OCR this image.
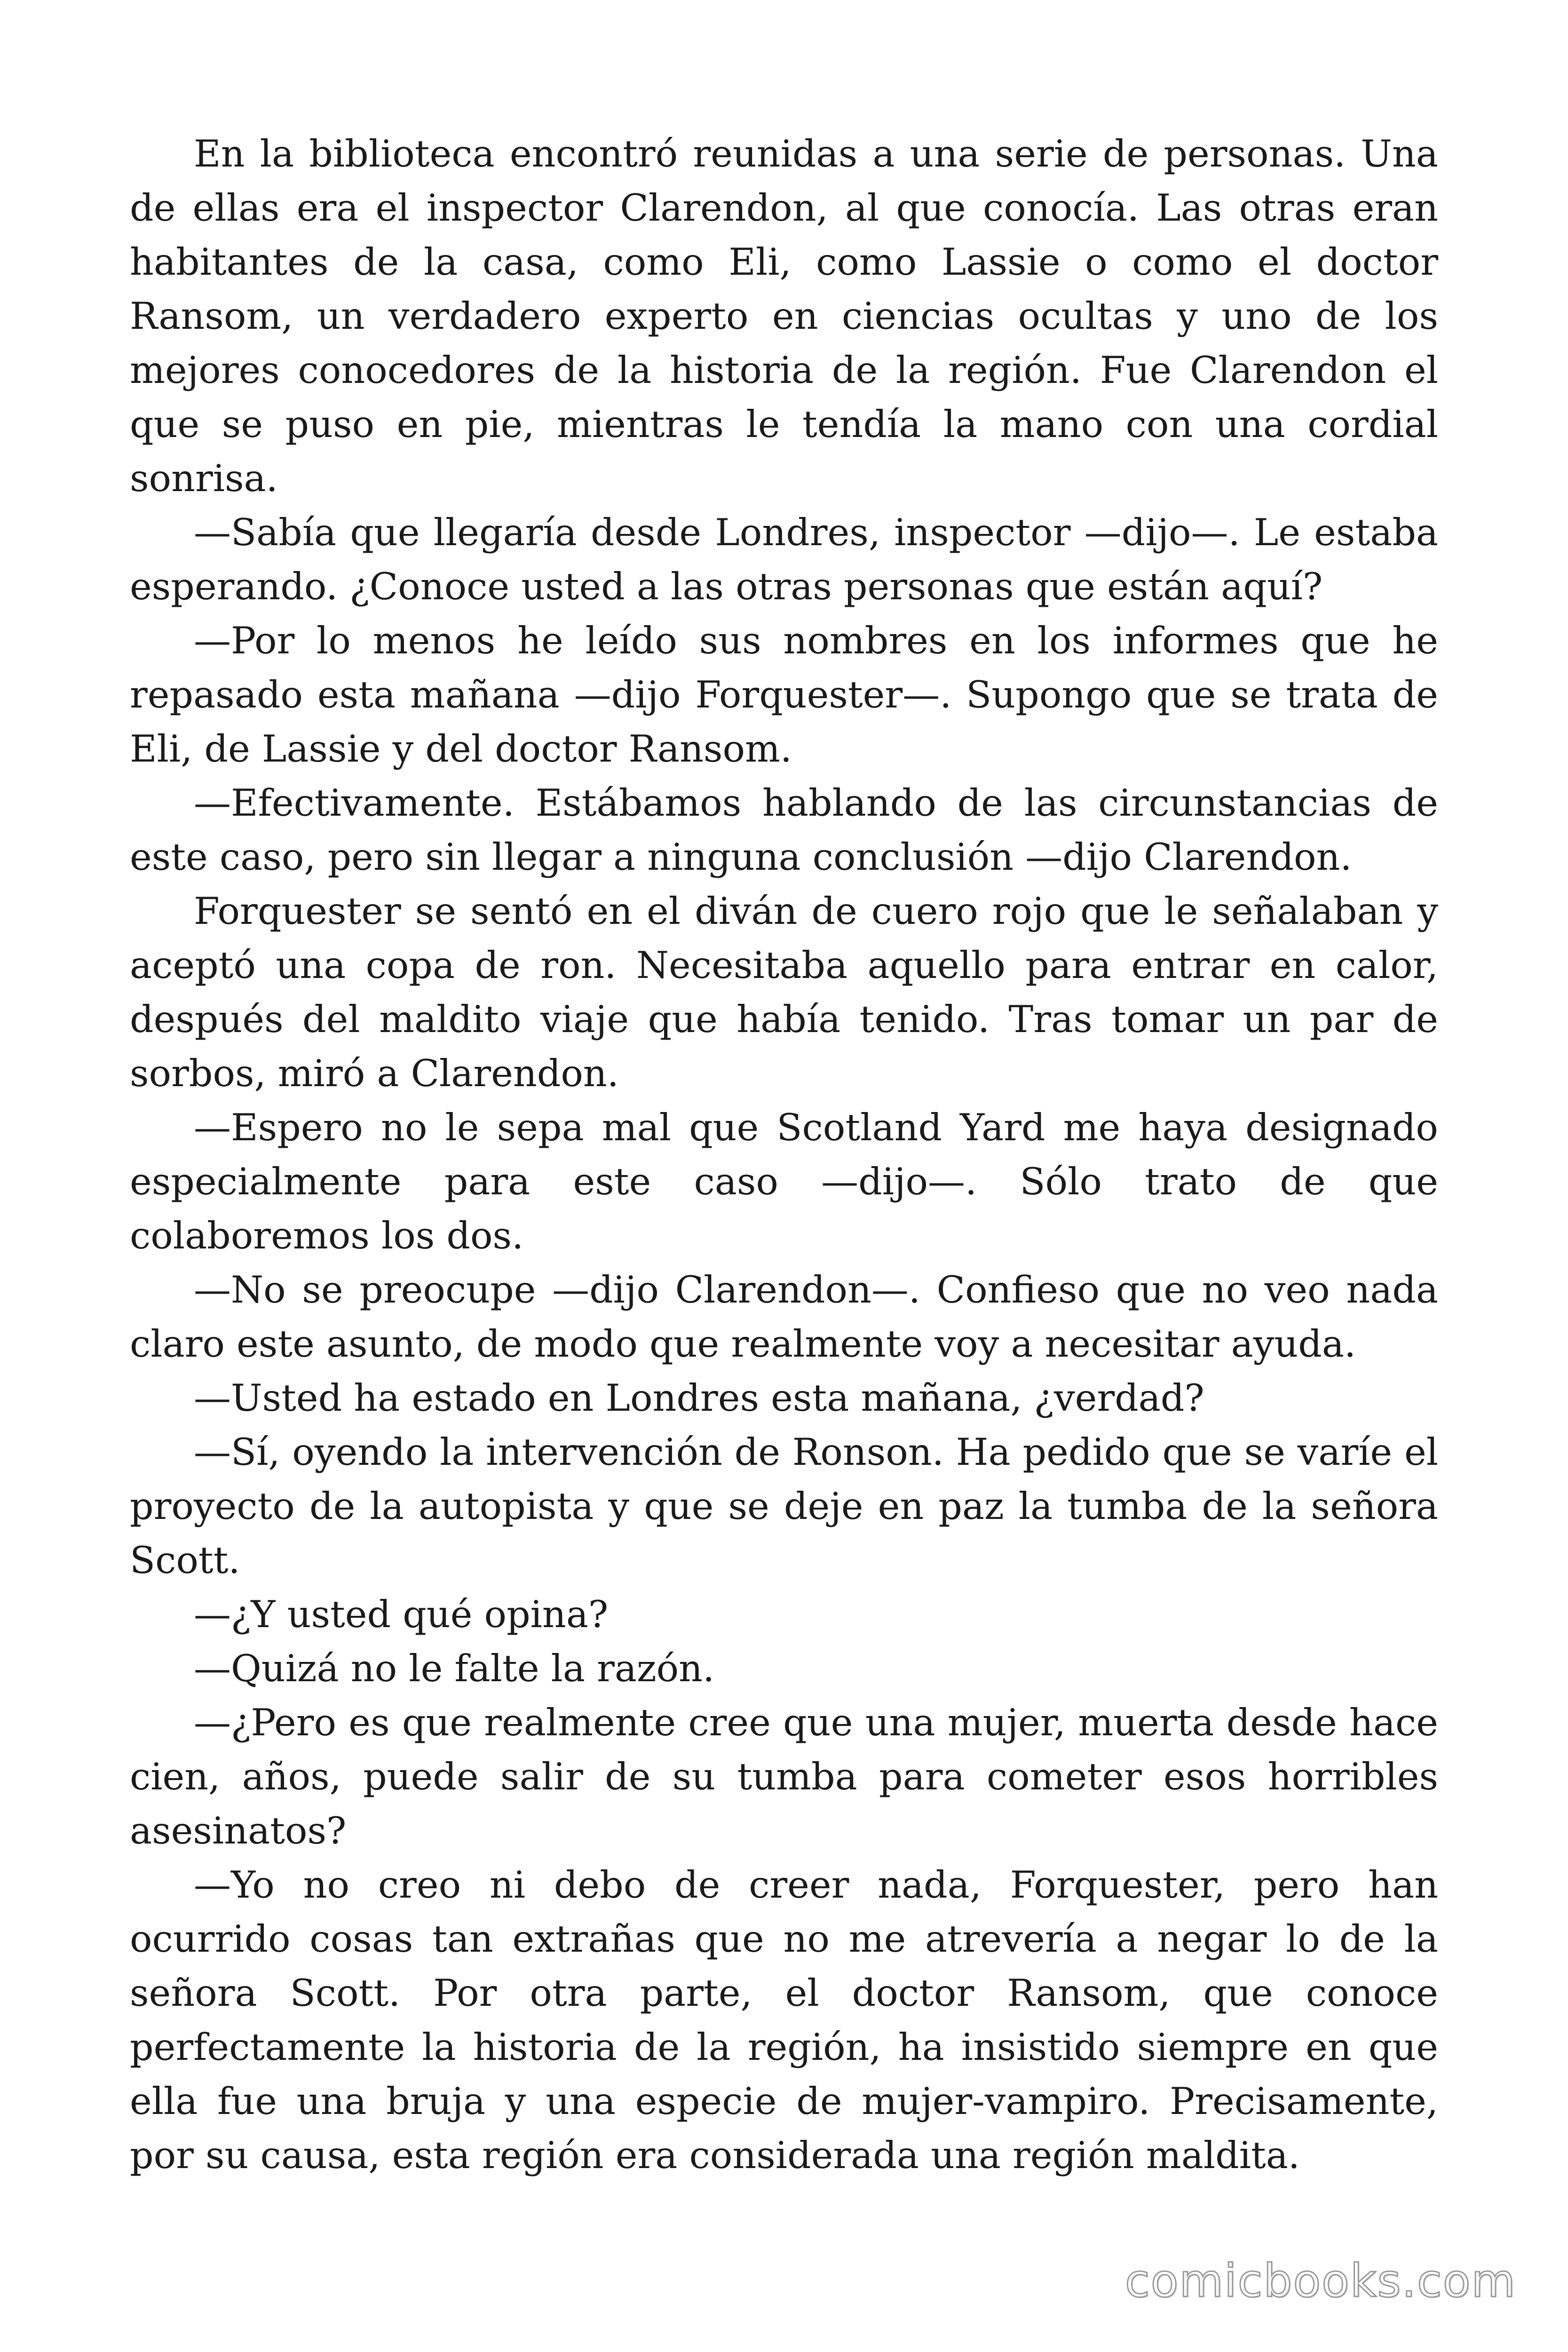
En la biblioteca encontró reunidas a una serie de personas. Una de ellas era el inspector Clarendon, al que conocía. Las otras eran habitantes de la casa, como Eli, como Lassie o como el doctor Ransom, un verdadero experto en ciencias ocultas y uno de los mejores conocedores de la historia de la región. Fue Clarendon el que se puso en pie, mientras le tendía la mano con una cordial sonrisa.

—Sabía que llegaría desde Londres, inspector —dijo—. Le estaba esperando. ¿Conoce usted a las otras personas que están aquí?

—Por lo menos he leído sus nombres en los informes que he repasado esta mañana —dijo Forquester—. Supongo que se trata de Eli, de Lassie y del doctor Ransom.

—Efectivamente. Estábamos hablando de las circunstancias de este caso, pero sin llegar a ninguna conclusión —dijo Clarendon.

Forquester se sentó en el diván de cuero rojo que le señalaban y aceptó una copa de ron. Necesitaba aquello para entrar en calor, después del maldito viaje que había tenido. Tras tomar un par de sorbos, miró a Clarendon.

—Espero no le sepa mal que Scotland Yard me haya designado especialmente para este caso —dijo—. Sólo trato de que colaboremos los dos.

—No se preocupe —dijo Clarendon—. Confieso que no veo nada claro este asunto, de modo que realmente voy a necesitar ayuda.

—Usted ha estado en Londres esta mañana, ¿verdad?

—Sí, oyendo la intervención de Ronson. Ha pedido que se varíe el proyecto de la autopista y que se deje en paz la tumba de la señora Scott.

—¿Y usted qué opina?

—Quizá no le falte la razón.

—¿Pero es que realmente cree que una mujer, muerta desde hace cien, años, puede salir de su tumba para cometer esos horribles asesinatos?

—Yo no creo ni debo de creer nada, Forquester, pero han ocurrido cosas tan extrañas que no me atrevería a negar lo de la señora Scott. Por otra parte, el doctor Ransom, que conoce perfectamente la historia de la región, ha insistido siempre en que ella fue una bruja y una especie de mujer-vampiro. Precisamente, por su causa, esta región era considerada una región maldita.

comicbooks.com
